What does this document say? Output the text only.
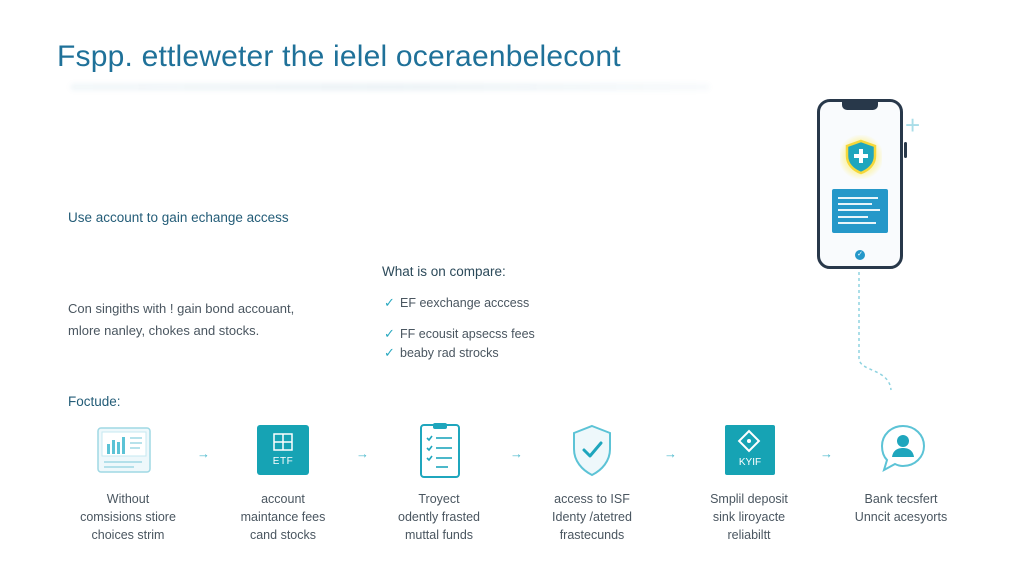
Fspp. ettlewe​ter the ielel oceraenbelecont
Use account to gain echange access
Con singiths with ! gain bond accouant,
mlore nanley, chokes and stocks.
What is on compare:
✓ EF eexchange acccess
✓ FF ecousit apsecss fees
✓ beaby rad strocks
Foctude:
ETF	KYIF
→	→	→	→	→
Without
comsisions stiore
choices strim
account
maintance fees
cand stocks
Troyect
odently frasted
muttal funds
access to ISF
Identy /atetred
frastecunds
Smplil deposit
sink liroyacte
reliabiltt
Bank tecsfert
Unncit acesyorts
✓
+
